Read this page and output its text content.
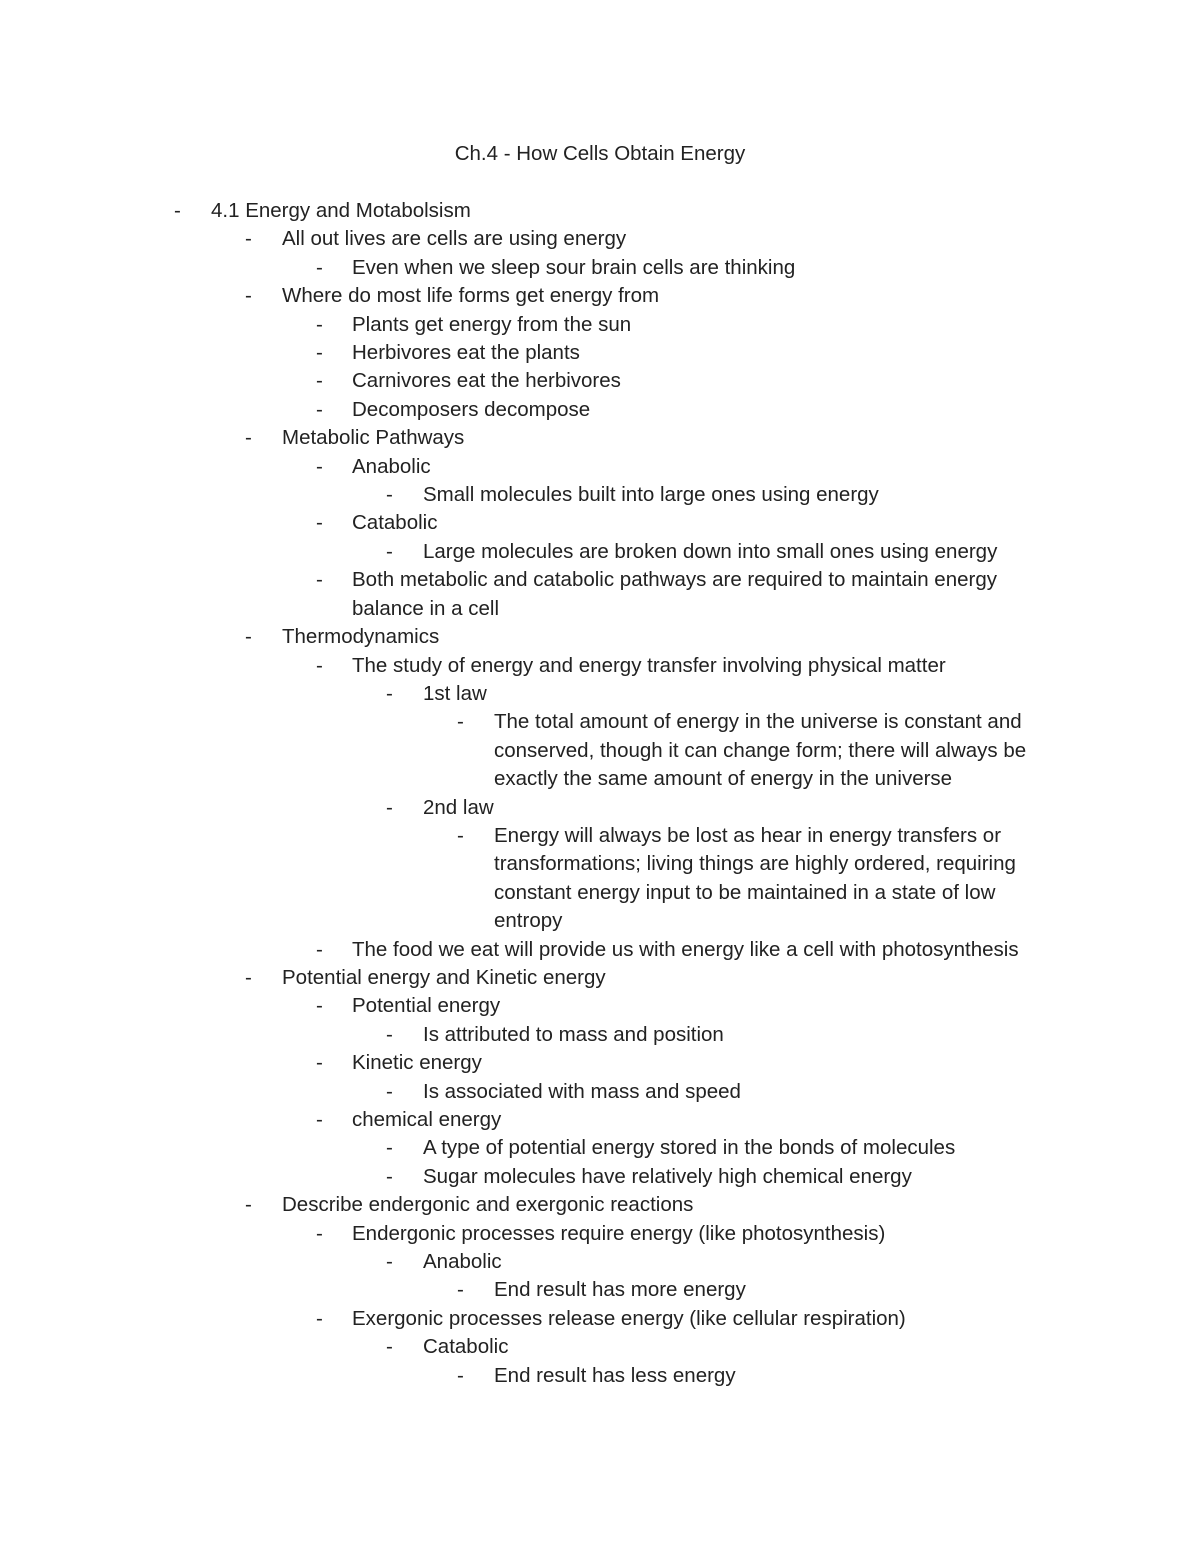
Ch.4 - How Cells Obtain Energy
- 4.1 Energy and Motabolsism
- All out lives are cells are using energy
- Even when we sleep sour brain cells are thinking
- Where do most life forms get energy from
- Plants get energy from the sun
- Herbivores eat the plants
- Carnivores eat the herbivores
- Decomposers decompose
- Metabolic Pathways
- Anabolic
- Small molecules built into large ones using energy
- Catabolic
- Large molecules are broken down into small ones using energy
- Both metabolic and catabolic pathways are required to maintain energy balance in a cell
- Thermodynamics
- The study of energy and energy transfer involving physical matter
- 1st law
- The total amount of energy in the universe is constant and conserved, though it can change form; there will always be exactly the same amount of energy in the universe
- 2nd law
- Energy will always be lost as hear in energy transfers or transformations; living things are highly ordered, requiring constant energy input to be maintained in a state of low entropy
- The food we eat will provide us with energy like a cell with photosynthesis
- Potential energy and Kinetic energy
- Potential energy
- Is attributed to mass and position
- Kinetic energy
- Is associated with mass and speed
- chemical energy
- A type of potential energy stored in the bonds of molecules
- Sugar molecules have relatively high chemical energy
- Describe endergonic and exergonic reactions
- Endergonic processes require energy (like photosynthesis)
- Anabolic
- End result has more energy
- Exergonic processes release energy (like cellular respiration)
- Catabolic
- End result has less energy
